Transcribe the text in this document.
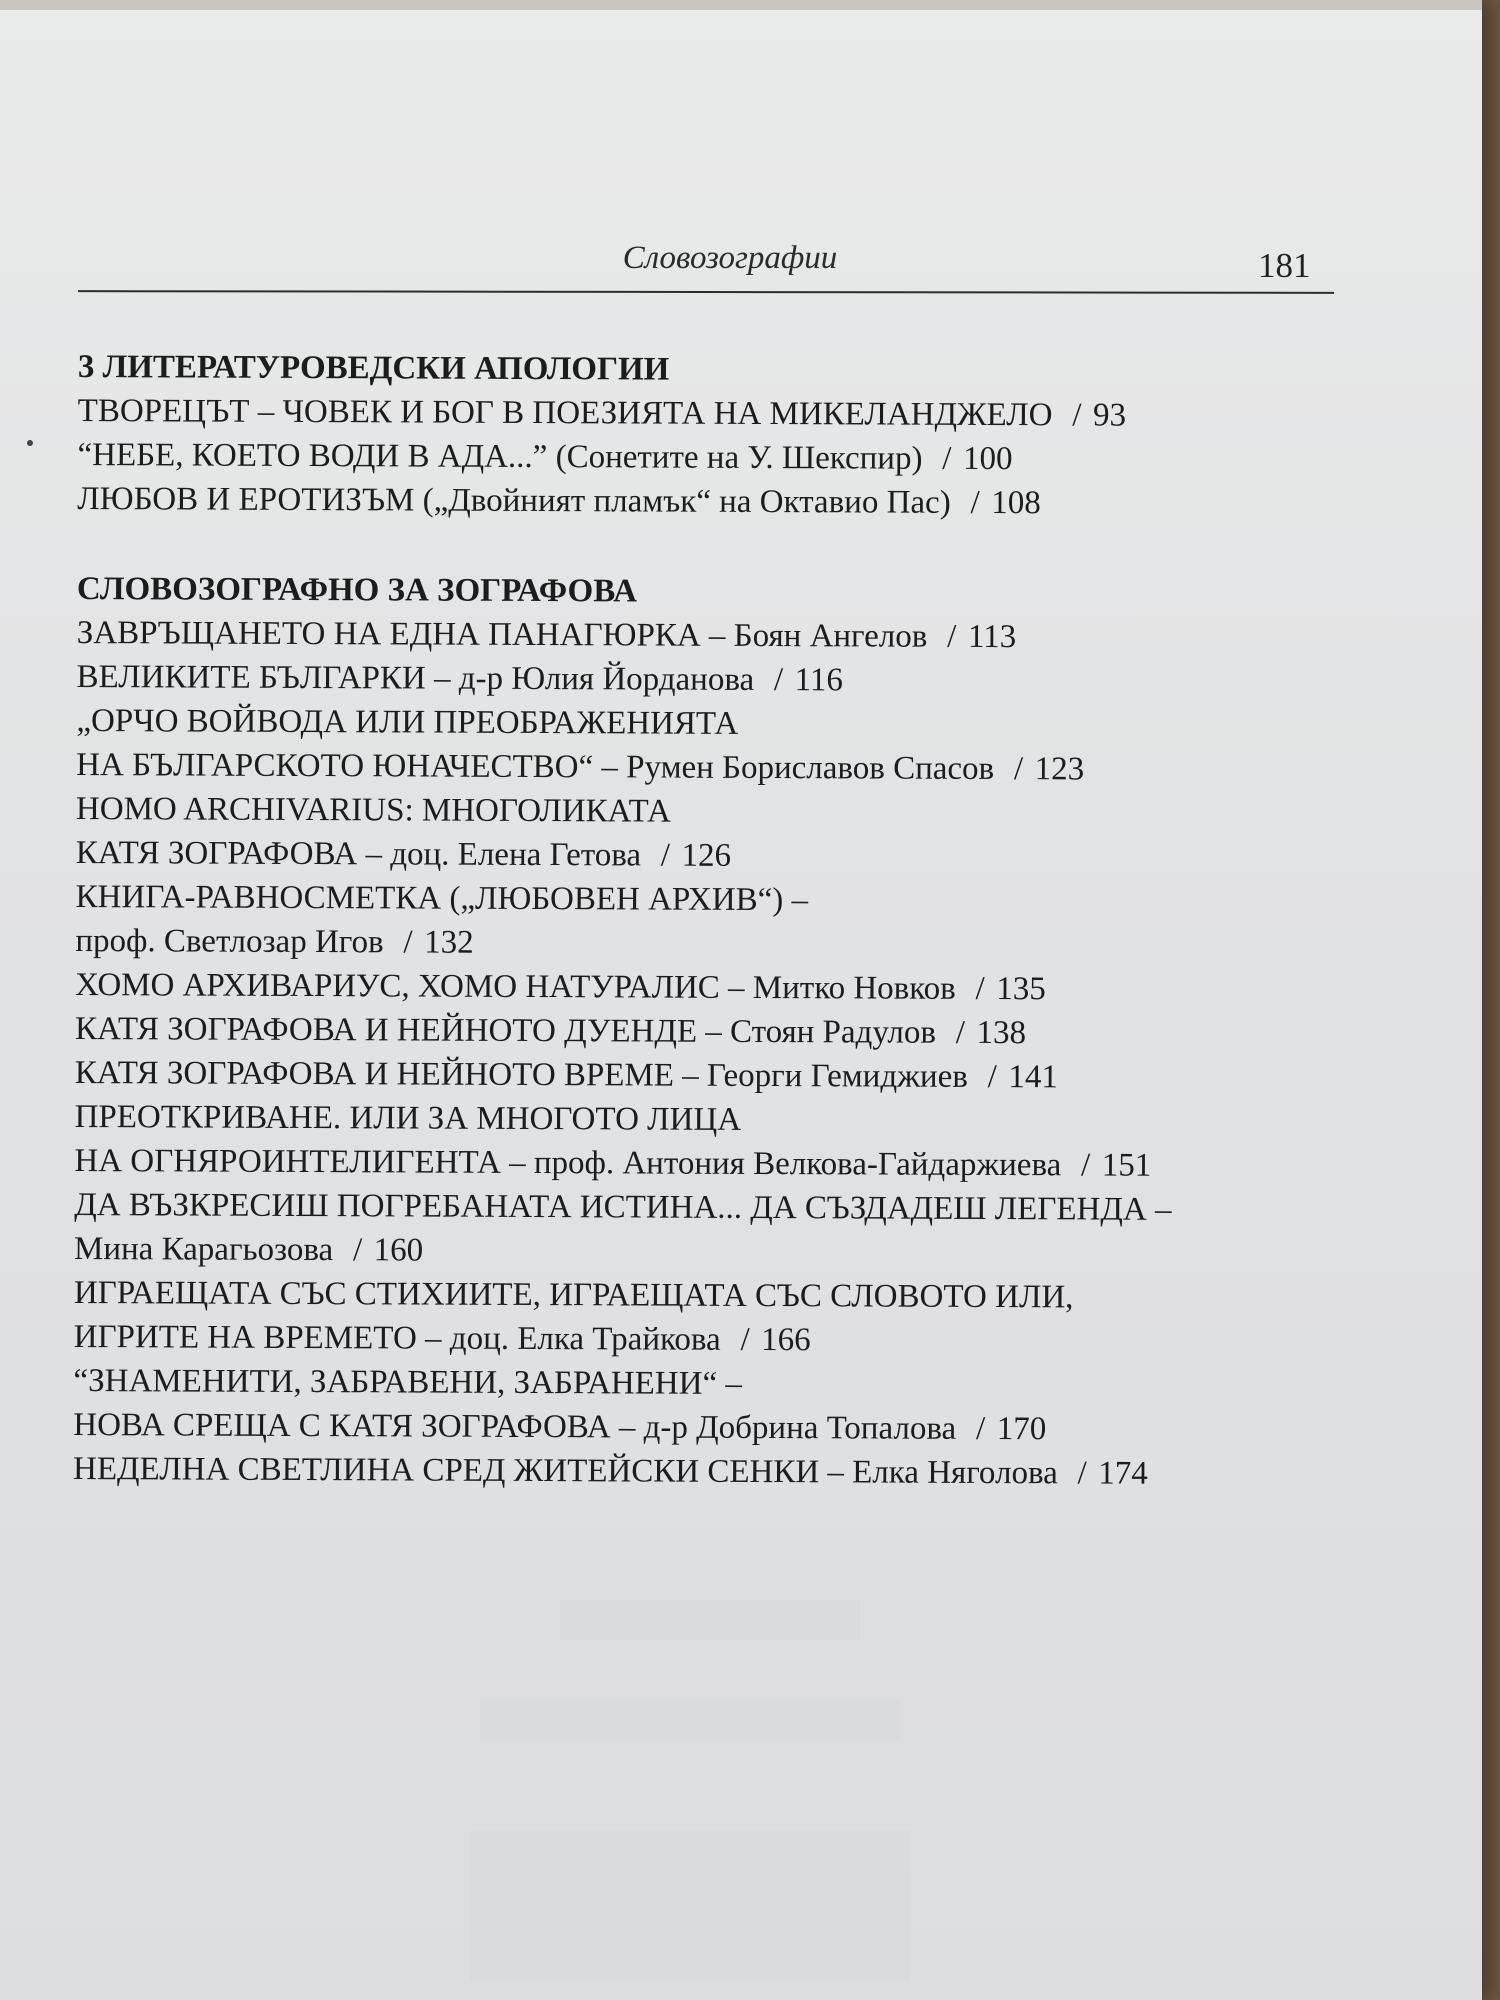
Словозографии	181

3 ЛИТЕРАТУРОВЕДСКИ АПОЛОГИИ

ТВОРЕЦЪТ – ЧОВЕК И БОГ В ПОЕЗИЯТА НА МИКЕЛАНДЖЕЛО / 93

“НЕБЕ, КОЕТО ВОДИ В АДА...” (Сонетите на У. Шекспир) / 100

ЛЮБОВ И ЕРОТИЗЪМ („Двойният пламък“ на Октавио Пас) / 108

СЛОВОЗОГРАФНО ЗА ЗОГРАФОВА

ЗАВРЪЩАНЕТО НА ЕДНА ПАНАГЮРКА – Боян Ангелов / 113

ВЕЛИКИТЕ БЪЛГАРКИ – д-р Юлия Йорданова / 116

„ОРЧО ВОЙВОДА ИЛИ ПРЕОБРАЖЕНИЯТА

НА БЪЛГАРСКОТО ЮНАЧЕСТВО“ – Румен Бориславов Спасов / 123

HOMO ARCHIVARIUS: МНОГОЛИКАТА

КАТЯ ЗОГРАФОВА – доц. Елена Гетова / 126

КНИГА-РАВНОСМЕТКА („ЛЮБОВЕН АРХИВ“) –

проф. Светлозар Игов / 132

ХОМО АРХИВАРИУС, ХОМО НАТУРАЛИС – Митко Новков / 135

КАТЯ ЗОГРАФОВА И НЕЙНОТО ДУЕНДЕ – Стоян Радулов / 138

КАТЯ ЗОГРАФОВА И НЕЙНОТО ВРЕМЕ – Георги Гемиджиев / 141

ПРЕОТКРИВАНЕ. ИЛИ ЗА МНОГОТО ЛИЦА

НА ОГНЯРОИНТЕЛИГЕНТА – проф. Антония Велкова-Гайдаржиева / 151

ДА ВЪЗКРЕСИШ ПОГРЕБАНАТА ИСТИНА... ДА СЪЗДАДЕШ ЛЕГЕНДА –

Мина Карагьозова / 160

ИГРАЕЩАТА СЪС СТИХИИТЕ, ИГРАЕЩАТА СЪС СЛОВОТО ИЛИ,

ИГРИТЕ НА ВРЕМЕТО – доц. Елка Трайкова / 166

“ЗНАМЕНИТИ, ЗАБРАВЕНИ, ЗАБРАНЕНИ“ –

НОВА СРЕЩА С КАТЯ ЗОГРАФОВА – д-р Добрина Топалова / 170

НЕДЕЛНА СВЕТЛИНА СРЕД ЖИТЕЙСКИ СЕНКИ – Елка Няголова / 174
